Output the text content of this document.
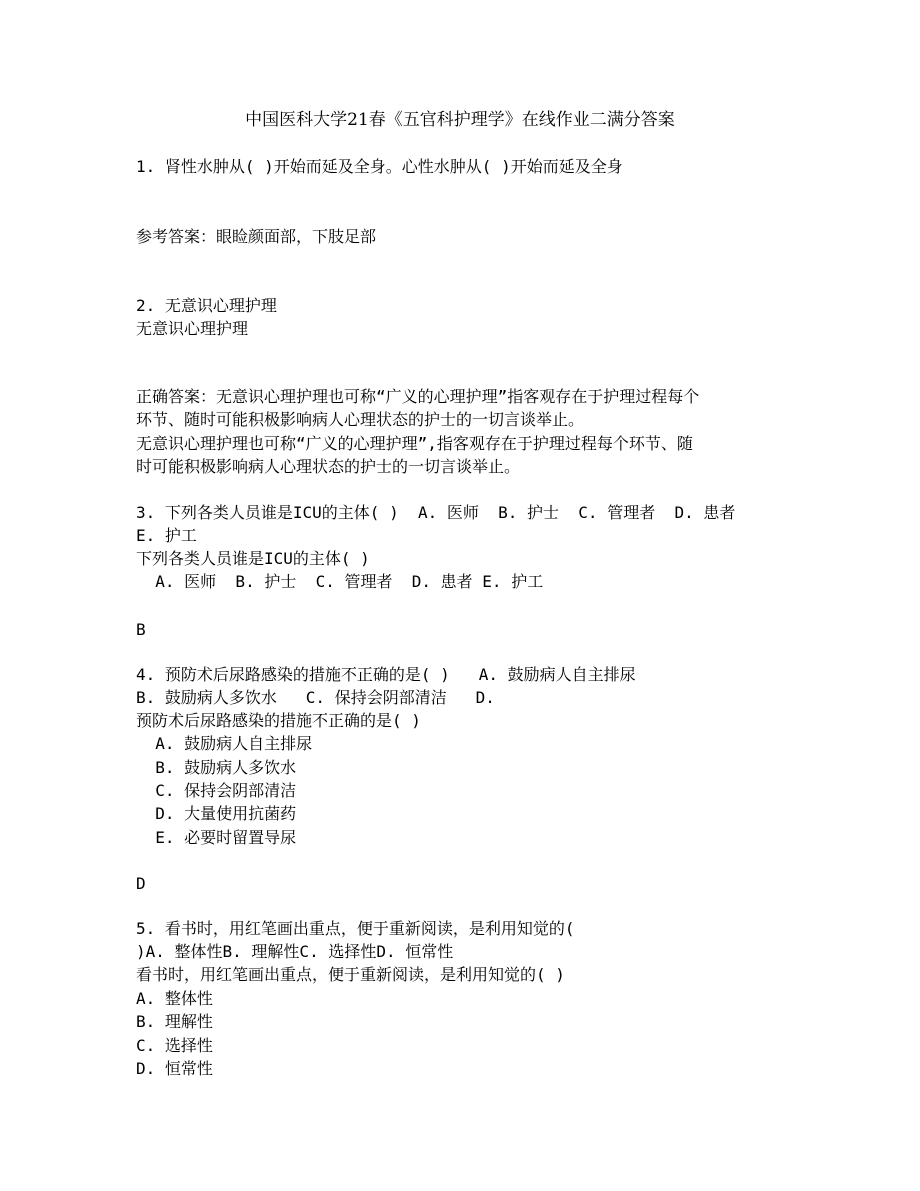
中国医科大学21春《五官科护理学》在线作业二满分答案
1. 肾性水肿从( )开始而延及全身。心性水肿从( )开始而延及全身
参考答案：眼睑颜面部，下肢足部
2. 无意识心理护理
无意识心理护理
正确答案：无意识心理护理也可称“广义的心理护理”指客观存在于护理过程每个
环节、随时可能积极影响病人心理状态的护士的一切言谈举止。
无意识心理护理也可称“广义的心理护理”,指客观存在于护理过程每个环节、随
时可能积极影响病人心理状态的护士的一切言谈举止。
3. 下列各类人员谁是ICU的主体( )  A. 医师  B. 护士  C. 管理者  D. 患者
E. 护工
下列各类人员谁是ICU的主体( )
A. 医师  B. 护士  C. 管理者  D. 患者 E. 护工
B
4. 预防术后尿路感染的措施不正确的是( )   A. 鼓励病人自主排尿
B. 鼓励病人多饮水   C. 保持会阴部清洁   D.
预防术后尿路感染的措施不正确的是( )
A. 鼓励病人自主排尿
B. 鼓励病人多饮水
C. 保持会阴部清洁
D. 大量使用抗菌药
E. 必要时留置导尿
D
5. 看书时，用红笔画出重点，便于重新阅读，是利用知觉的(
)A. 整体性B. 理解性C. 选择性D. 恒常性
看书时，用红笔画出重点，便于重新阅读，是利用知觉的( )
A. 整体性
B. 理解性
C. 选择性
D. 恒常性
